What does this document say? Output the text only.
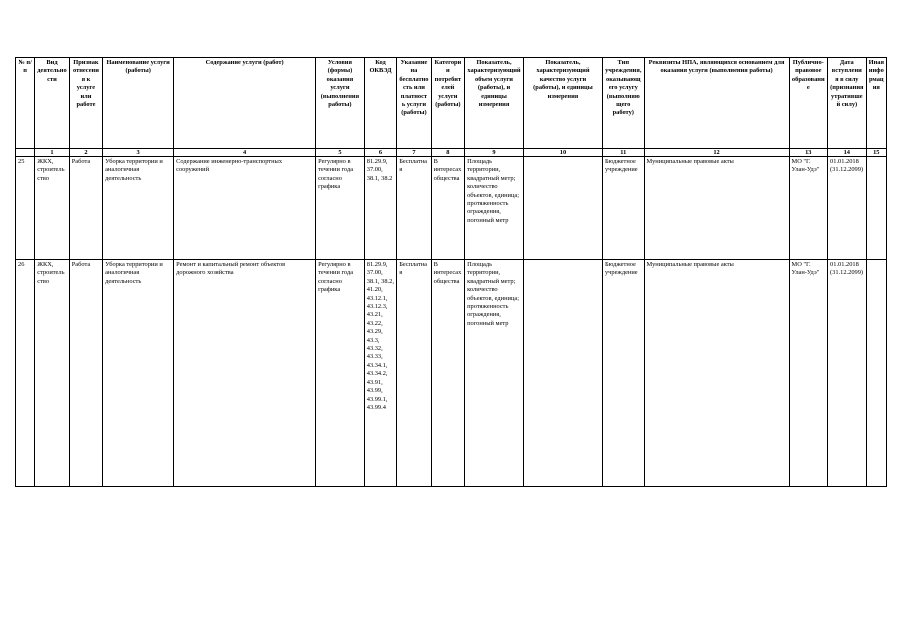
№ п/п	Вид деятельности	Признак отнесения к услуге или работе	Наименование услуги (работы)	Содержание услуги (работ)	Условия (формы) оказания услуги (выполнения работы)	Код ОКВЭД	Указание на бесплатность или платность услуги (работы)	Категории потребителей услуги (работы)	Показатель, характеризующий объем услуги (работы), и единицы измерения	Показатель, характеризующий качество услуги (работы), и единицы измерения	Тип учреждения, оказывающего услугу (выполняющего работу)	Реквизиты НПА, являющихся основанием для оказания услуги (выполнения работы)	Публично-правовое образование	Дата вступления в силу (признания утратившей силу)	Иная информация
	1	2	3	4	5	6	7	8	9	10	11	12	13	14	15
25	ЖКХ, строительство	Работа	Уборка территории и аналогичная деятельность	Содержание инженерно-транспортных сооружений	Регулярно в течении года согласно графика	81.29.9, 37.00, 38.1, 38.2	Бесплатная	В интересах общества	Площадь территории, квадратный метр; количество объектов, единица; протяженность ограждения, погонный метр		Бюджетное учреждение	Муниципальные правовые акты	МО "Г. Улан-Удэ"	01.01.2018 (31.12.2099)	
26	ЖКХ, строительство	Работа	Уборка территории и аналогичная деятельность	Ремонт и капитальный ремонт объектов дорожного хозяйства	Регулярно в течении года согласно графика	81.29.9, 37.00, 38.1, 38.2, 41.20, 43.12.1, 43.12.3, 43.21, 43.22, 43.29, 43.3, 43.32, 43.33, 43.34.1, 43.34.2, 43.91, 43.99, 43.99.1, 43.99.4	Бесплатная	В интересах общества	Площадь территории, квадратный метр; количество объектов, единица; протяженность ограждения, погонный метр		Бюджетное учреждение	Муниципальные правовые акты	МО "Г. Улан-Удэ"	01.01.2018 (31.12.2099)	
